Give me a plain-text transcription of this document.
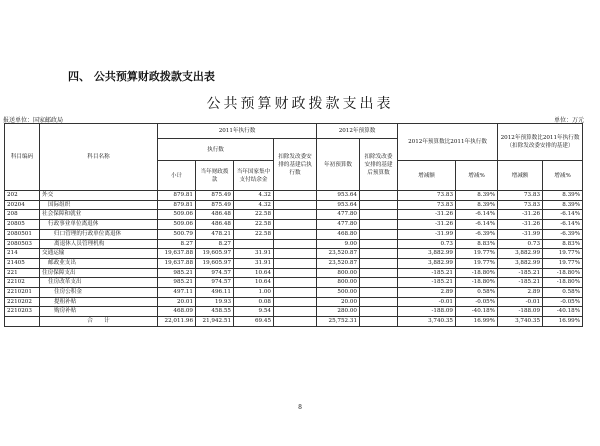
四、 公共预算财政拨款支出表
公共预算财政拨款支出表
报送单位：国家邮政局	单位：万元
科目编码	科目名称	2011年执行数				2012年预算数		2012年预算数比2011年执行数		2012年预算数比2011年执行数（扣除发改委安排的基建）	
		执行数			扣除发改委安排的基建后执行数	年初预算数	扣除发改委安排的基建后预算数				
		小计	当年财政拨款	当年国家集中支付结余金				增减额	增减%	增减额	增减%
202	外交	879.81	875.49	4.32		953.64		73.83	8.39%	73.83	8.39%
20204	国际组织	879.81	875.49	4.32		953.64		73.83	8.39%	73.83	8.39%
208	社会保障和就业	509.06	486.48	22.58		477.80		-31.26	-6.14%	-31.26	-6.14%
20805	行政事业单位离退休	509.06	486.48	22.58		477.80		-31.26	-6.14%	-31.26	-6.14%
2080501	归口管理的行政单位离退休	500.79	478.21	22.58		468.80		-31.99	-6.39%	-31.99	-6.39%
2080503	离退休人员管理机构	8.27	8.27			9.00		0.73	8.83%	0.73	8.83%
214	交通运输	19,637.88	19,605.97	31.91		23,520.87		3,882.99	19.77%	3,882.99	19.77%
21405	邮政业支出	19,637.88	19,605.97	31.91		23,520.87		3,882.99	19.77%	3,882.99	19.77%
221	住房保障支出	985.21	974.57	10.64		800.00		-185.21	-18.80%	-185.21	-18.80%
22102	住房改革支出	985.21	974.57	10.64		800.00		-185.21	-18.80%	-185.21	-18.80%
2210201	住房公积金	497.11	496.11	1.00		500.00		2.89	0.58%	2.89	0.58%
2210202	提租补贴	20.01	19.93	0.08		20.00		-0.01	-0.05%	-0.01	-0.05%
2210203	购房补贴	468.09	458.55	9.54		280.00		-188.09	-40.18%	-188.09	-40.18%
	合　　计	22,011.96	21,942.51	69.45		25,752.31		3,740.35	16.99%	3,740.35	16.99%
8
